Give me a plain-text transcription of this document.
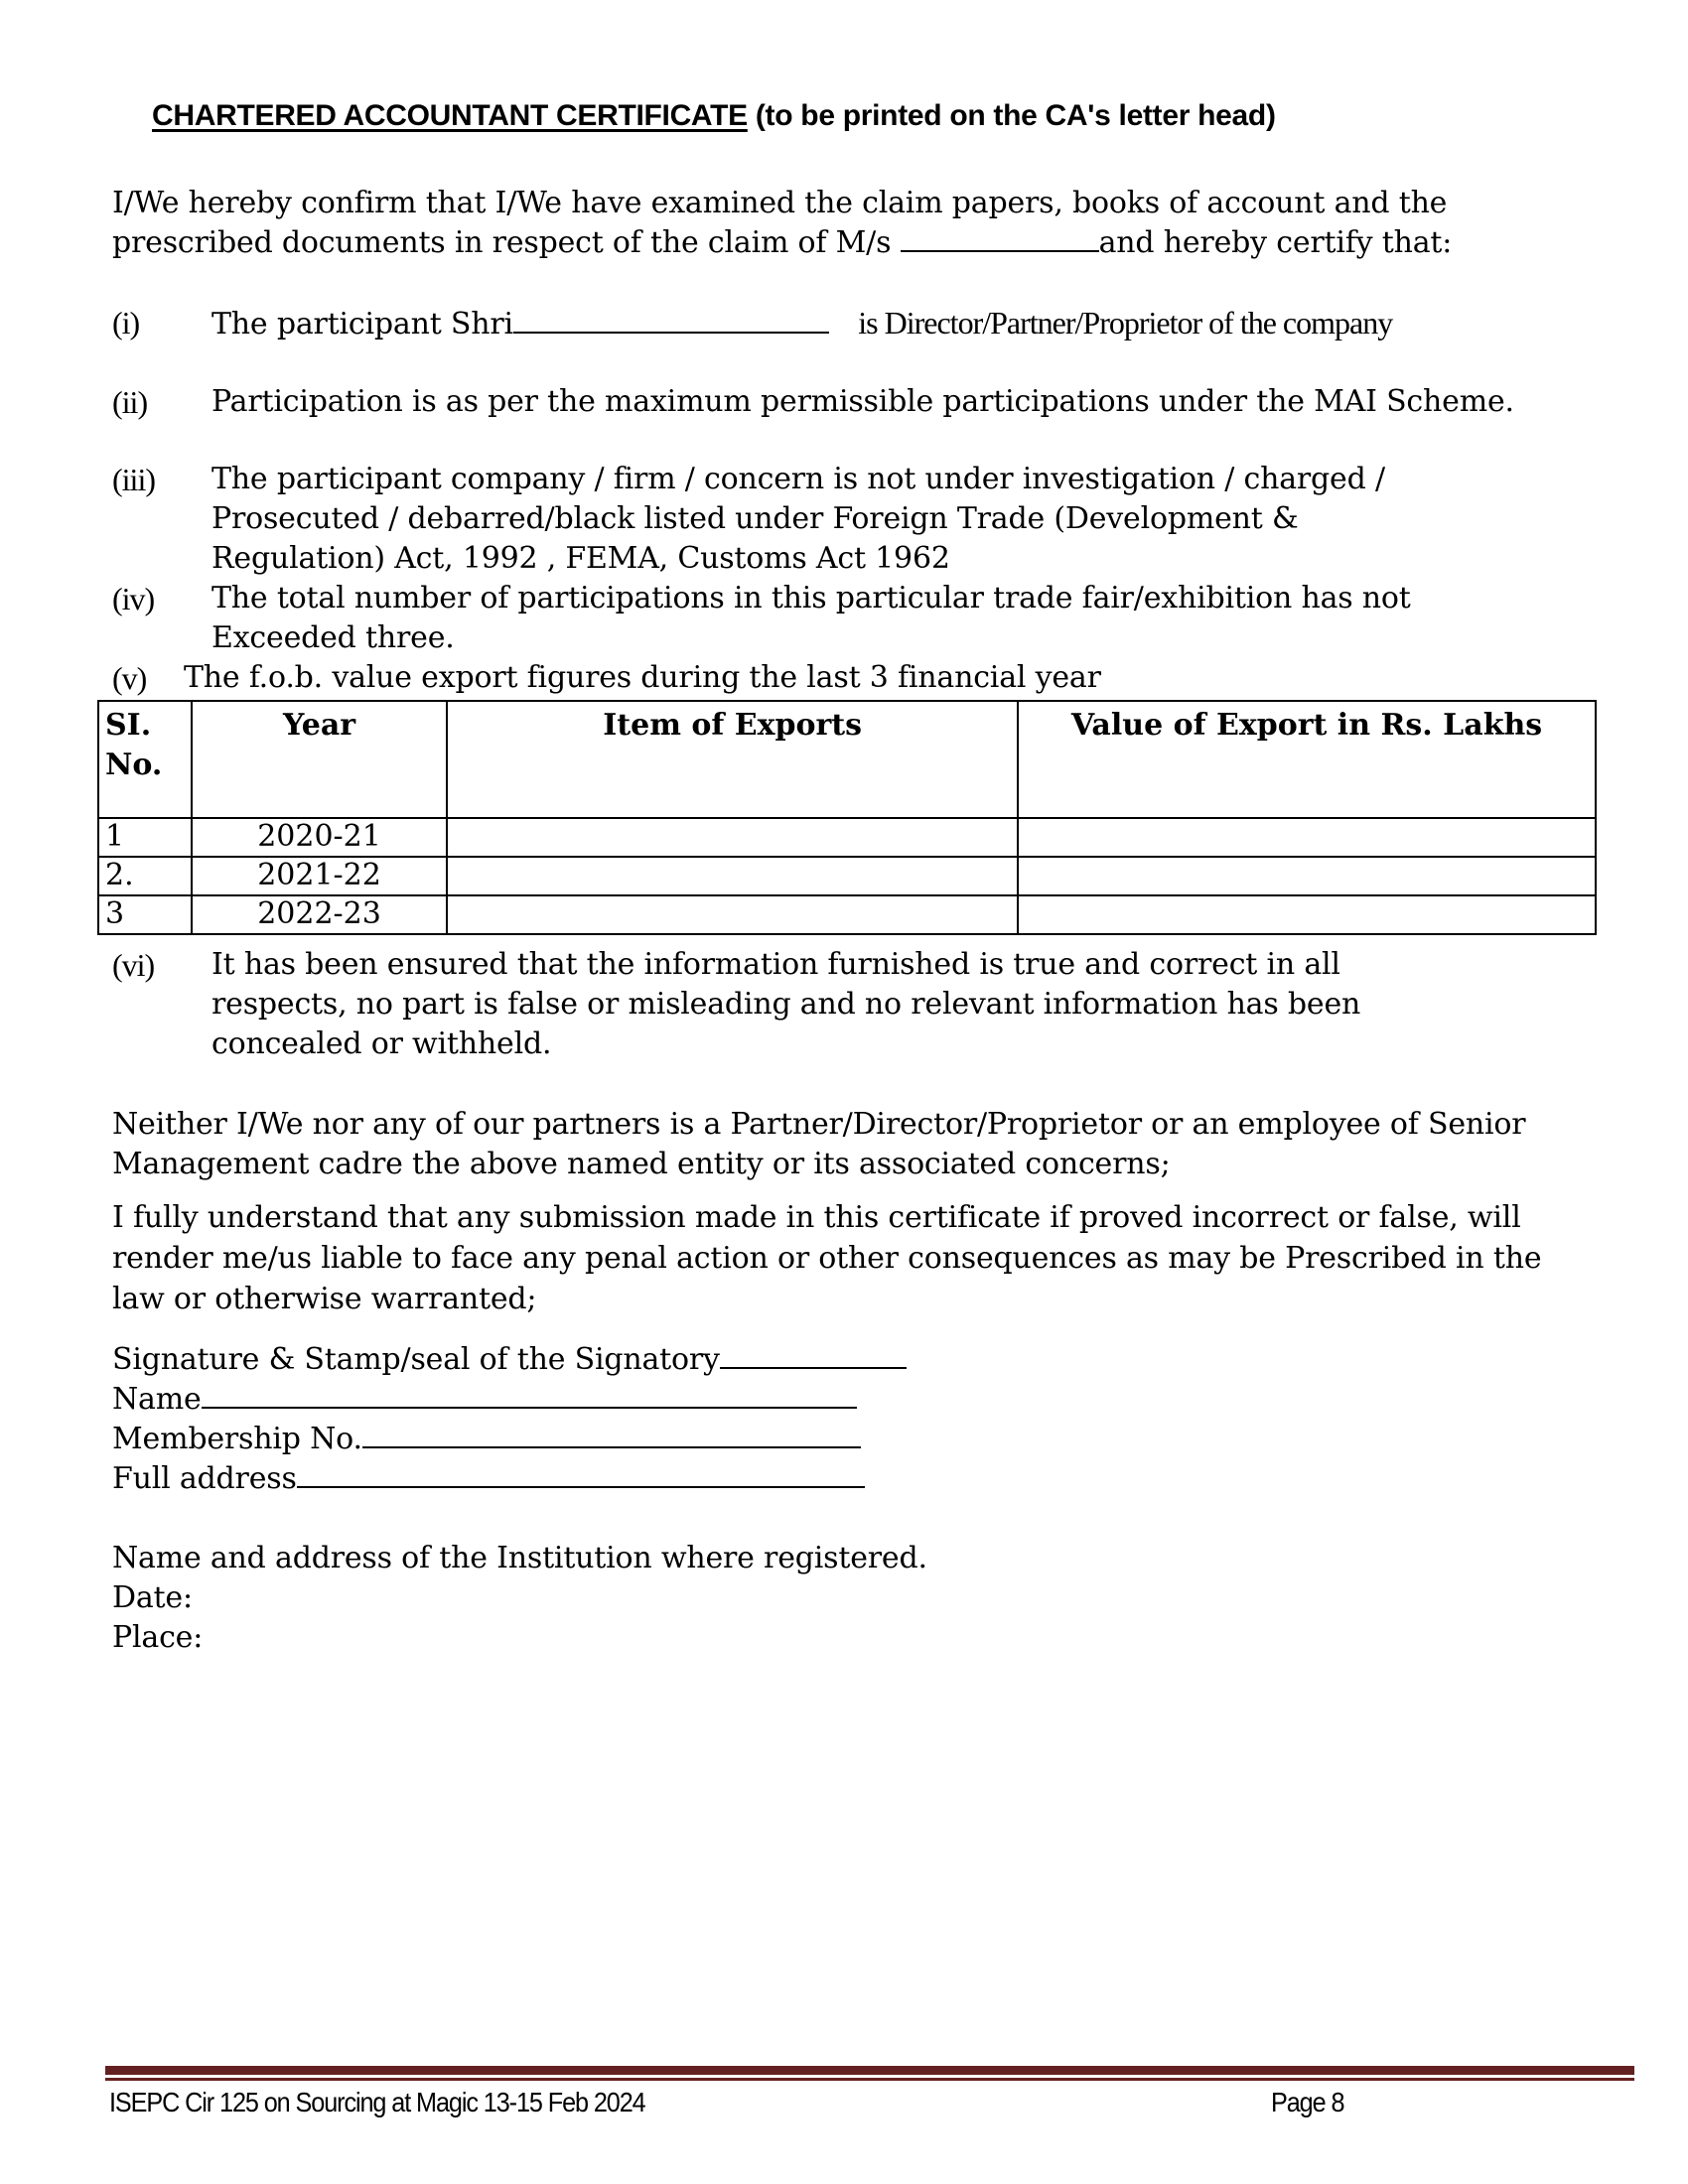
CHARTERED ACCOUNTANT CERTIFICATE (to be printed on the CA's letter head)
I/We hereby confirm that I/We have examined the claim papers, books of account and the
prescribed documents in respect of the claim of M/s	and hereby certify that:
(i) The participant Shri	is Director/Partner/Proprietor of the company
(ii) Participation is as per the maximum permissible participations under the MAI Scheme.
(iii) The participant company / firm / concern is not under investigation / charged /
Prosecuted / debarred/black listed under Foreign Trade (Development &
Regulation) Act, 1992 , FEMA, Customs Act 1962
(iv) The total number of participations in this particular trade fair/exhibition has not
Exceeded three.
(v) The f.o.b. value export figures during the last 3 financial year
SI. No.	Year	Item of Exports	Value of Export in Rs. Lakhs
1	2020-21		
2.	2021-22		
3	2022-23		
(vi) It has been ensured that the information furnished is true and correct in all
respects, no part is false or misleading and no relevant information has been
concealed or withheld.
Neither I/We nor any of our partners is a Partner/Director/Proprietor or an employee of Senior Management cadre the above named entity or its associated concerns;
I fully understand that any submission made in this certificate if proved incorrect or false, will render me/us liable to face any penal action or other consequences as may be Prescribed in the law or otherwise warranted;
Signature & Stamp/seal of the Signatory
Name
Membership No.
Full address
Name and address of the Institution where registered.
Date:
Place:
ISEPC Cir 125 on Sourcing at Magic 13-15 Feb 2024	Page 8
